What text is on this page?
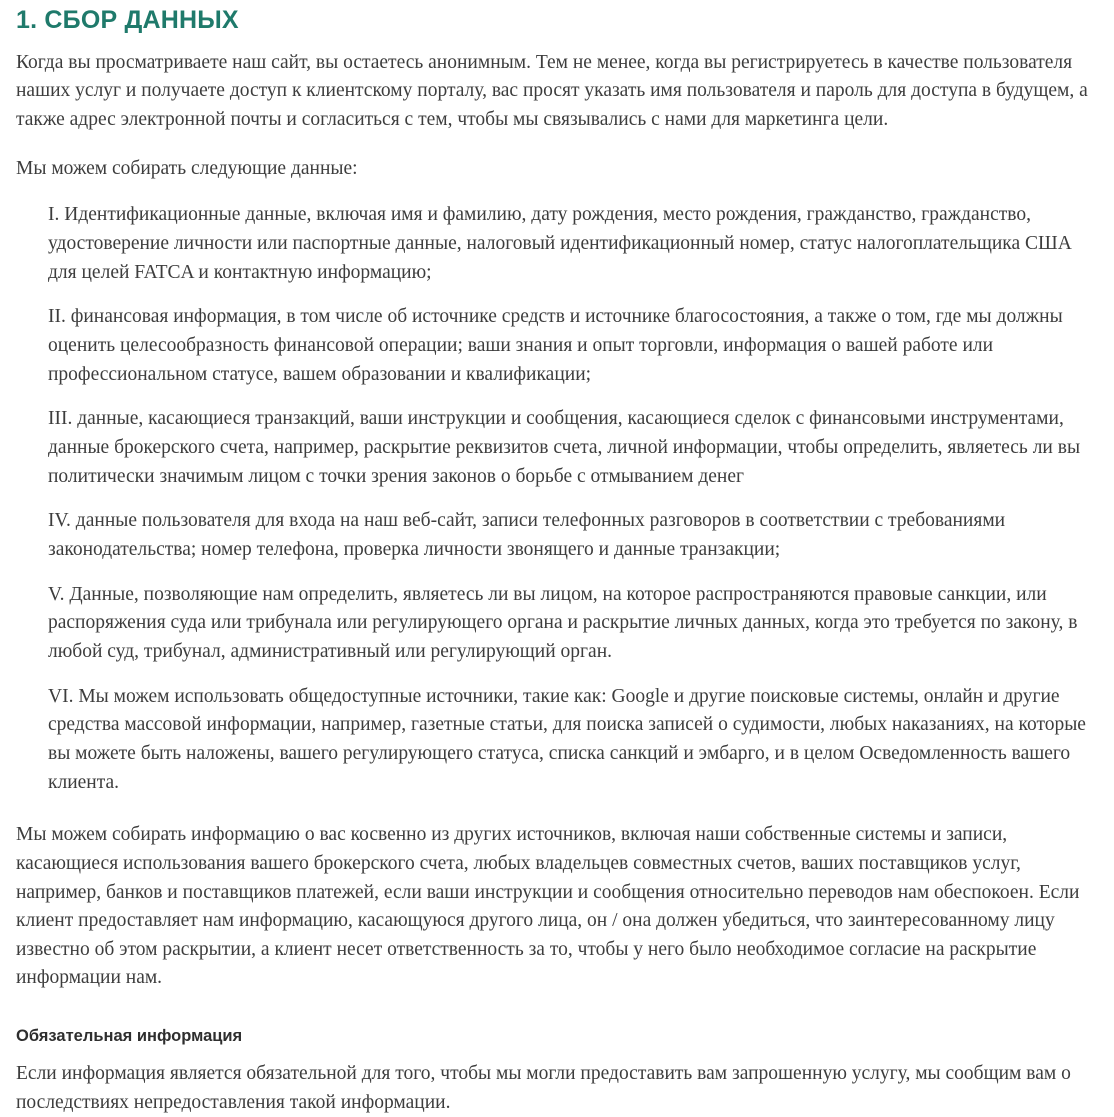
1. СБОР ДАННЫХ

Когда вы просматриваете наш сайт, вы остаетесь анонимным. Тем не менее, когда вы регистрируетесь в качестве пользователя наших услуг и получаете доступ к клиентскому порталу, вас просят указать имя пользователя и пароль для доступа в будущем, а также адрес электронной почты и согласиться с тем, чтобы мы связывались с нами для маркетинга цели.

Мы можем собирать следующие данные:

I. Идентификационные данные, включая имя и фамилию, дату рождения, место рождения, гражданство, гражданство, удостоверение личности или паспортные данные, налоговый идентификационный номер, статус налогоплательщика США для целей FATCA и контактную информацию;

II. финансовая информация, в том числе об источнике средств и источнике благосостояния, а также о том, где мы должны оценить целесообразность финансовой операции; ваши знания и опыт торговли, информация о вашей работе или профессиональном статусе, вашем образовании и квалификации;

III. данные, касающиеся транзакций, ваши инструкции и сообщения, касающиеся сделок с финансовыми инструментами, данные брокерского счета, например, раскрытие реквизитов счета, личной информации, чтобы определить, являетесь ли вы политически значимым лицом с точки зрения законов о борьбе с отмыванием денег

IV. данные пользователя для входа на наш веб-сайт, записи телефонных разговоров в соответствии с требованиями законодательства; номер телефона, проверка личности звонящего и данные транзакции;

V. Данные, позволяющие нам определить, являетесь ли вы лицом, на которое распространяются правовые санкции, или распоряжения суда или трибунала или регулирующего органа и раскрытие личных данных, когда это требуется по закону, в любой суд, трибунал, административный или регулирующий орган.

VI. Мы можем использовать общедоступные источники, такие как: Google и другие поисковые системы, онлайн и другие средства массовой информации, например, газетные статьи, для поиска записей о судимости, любых наказаниях, на которые вы можете быть наложены, вашего регулирующего статуса, списка санкций и эмбарго, и в целом Осведомленность вашего клиента.

Мы можем собирать информацию о вас косвенно из других источников, включая наши собственные системы и записи, касающиеся использования вашего брокерского счета, любых владельцев совместных счетов, ваших поставщиков услуг, например, банков и поставщиков платежей, если ваши инструкции и сообщения относительно переводов нам обеспокоен. Если клиент предоставляет нам информацию, касающуюся другого лица, он / она должен убедиться, что заинтересованному лицу известно об этом раскрытии, а клиент несет ответственность за то, чтобы у него было необходимое согласие на раскрытие информации нам.

Обязательная информация

Если информация является обязательной для того, чтобы мы могли предоставить вам запрошенную услугу, мы сообщим вам о последствиях непредоставления такой информации.
